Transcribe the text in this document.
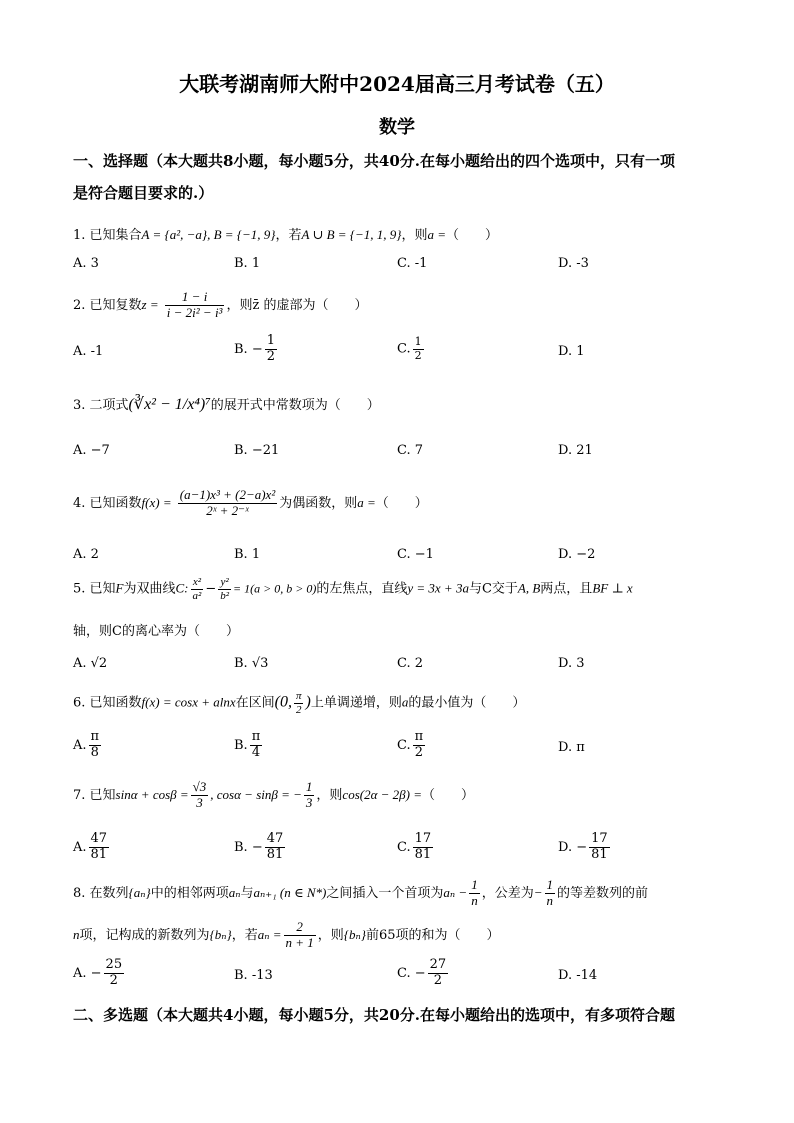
大联考湖南师大附中2024届高三月考试卷（五）
数学
一、选择题（本大题共8小题，每小题5分，共40分.在每小题给出的四个选项中，只有一项
是符合题目要求的.）
1. 已知集合A = {a², −a}, B = {−1, 9}，若A ∪ B = {−1, 1, 9}，则a =（　　）
A. 3	B. 1	C. -1	D. -3
2. 已知复数$z = \frac{1 - i}{\text{i − 2i² − i³}}$ ，则z̄ 的虚部为（　　）
A. -1	B. − $\frac{1}{2}$	C. $\frac{1}{2}$	D. 1
3. 二项式(∛x² − 1/x⁴)⁷的展开式中常数项为（　　）
A. −7	B. −21	C. 7	D. 21
4. 已知函数$f(x) = \frac{\text{(a−1)x³ + (2−a)x²}}{\text{2ˣ + 2⁻ˣ}}$ 为偶函数，则a =（　　）
A. 2	B. 1	C. −1	D. −2
5. 已知F为双曲线C: $\frac{\text{x²}}{\text{a²}} - \frac{\text{y²}}{\text{b²}} = 1(a > 0$, b > 0)的左焦点，直线y = 3x + 3a与C交于A, B两点，且BF ⊥ x
轴，则C的离心率为（　　）
A. √2	B. √3	C. 2	D. 3
6. 已知函数f(x) = cosx + alnx在区间(0, $\frac{\pi}{2}$ )上单调递增，则a的最小值为（　　）
A. $\frac{\pi}{8}$	B. $\frac{\pi}{4}$	C. $\frac{\pi}{2}$	D. π
7. 已知$\sin\alpha + \cos\beta = \frac{√3}{3}$ , cosα − sinβ = − $\frac{1}{3}$ ，则cos(2α − 2β) =（　　）
A. $\frac{47}{81}$	B. − $\frac{47}{81}$	C. $\frac{17}{81}$	D. − $\frac{17}{81}$
8. 在数列{aₙ}中的相邻两项aₙ与aₙ₊₁ (n ∈ N*)之间插入一个首项为$a_n - \frac{1}{n}$ ，公差为− $\frac{1}{n}$ 的等差数列的前
n项，记构成的新数列为{bₙ}，若$a_n = \frac{2}{n + 1}$ ，则{bₙ}前65项的和为（　　）
A. − $\frac{25}{2}$	B. -13	C. − $\frac{27}{2}$	D. -14
二、多选题（本大题共4小题，每小题5分，共20分.在每小题给出的选项中，有多项符合题
